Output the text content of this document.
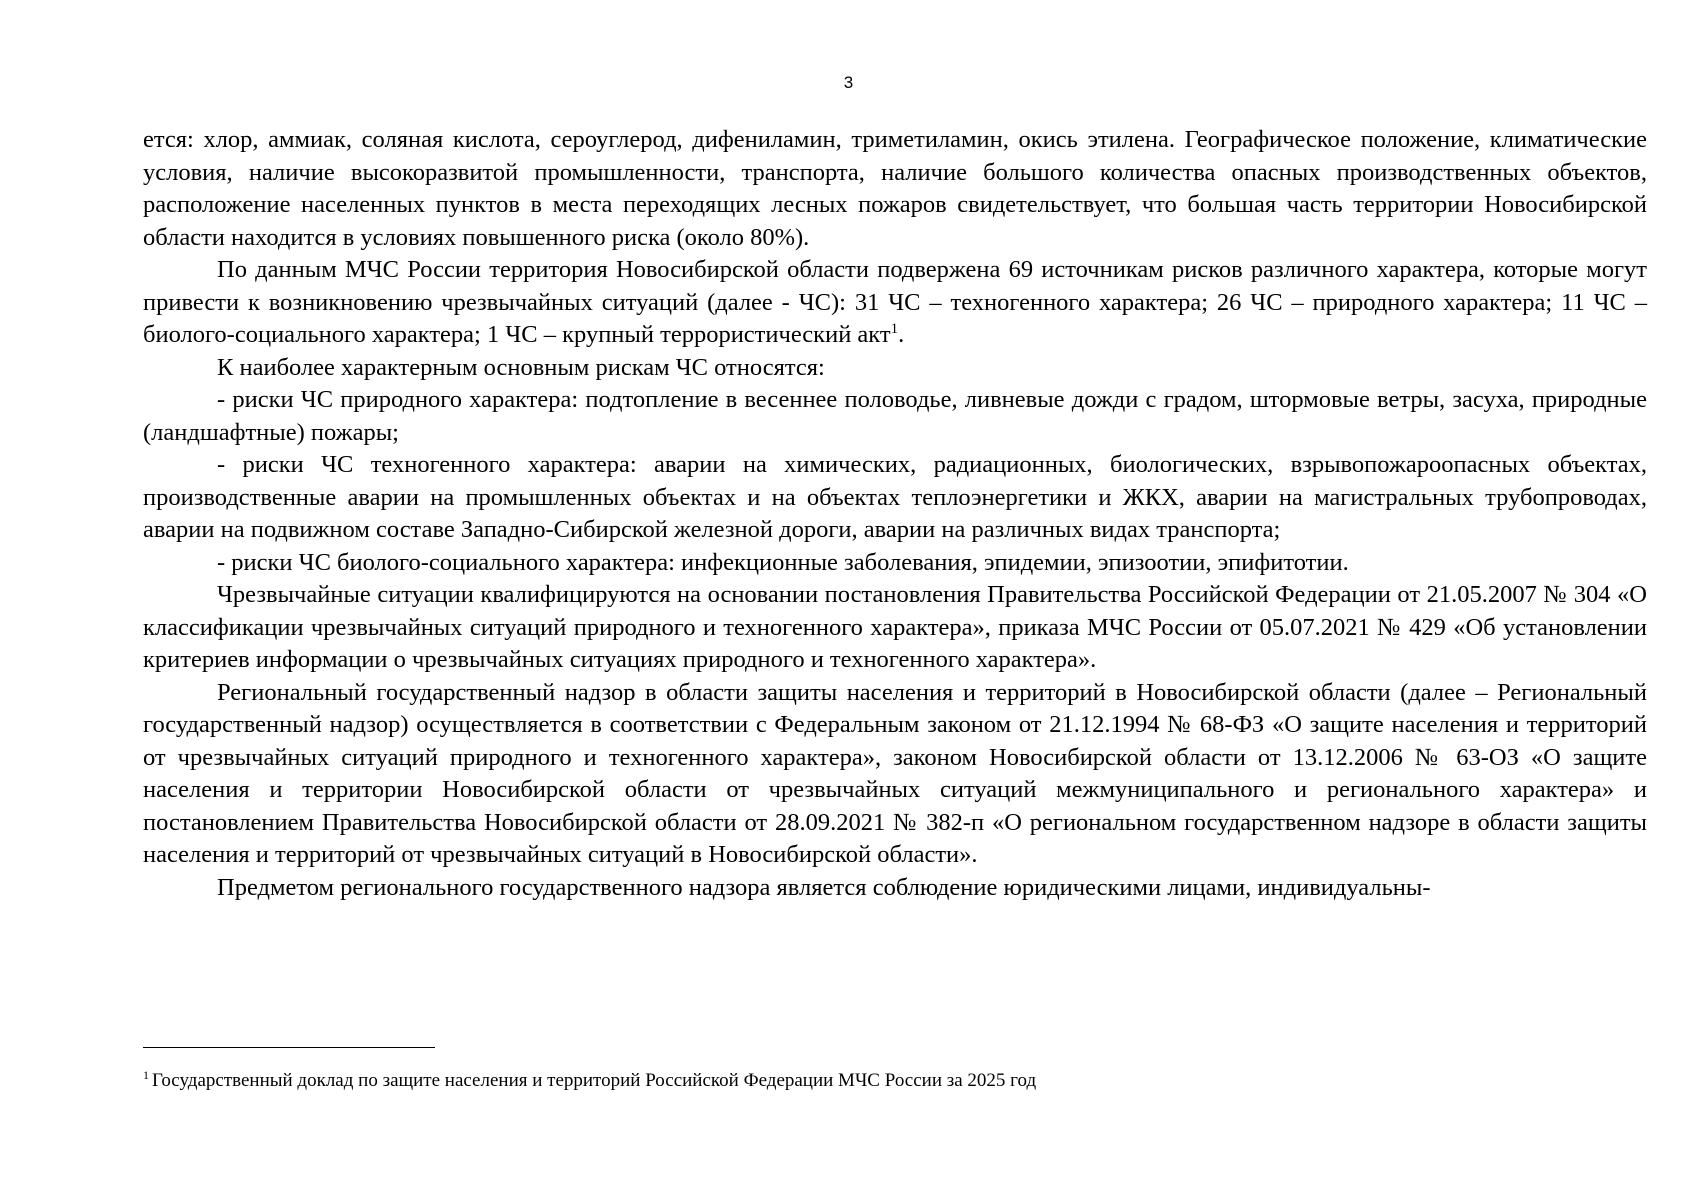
3

ется: хлор, аммиак, соляная кислота, сероуглерод, дифениламин, триметиламин, окись этилена. Географическое положение, климатические условия, наличие высокоразвитой промышленности, транспорта, наличие большого количества опасных производственных объектов, расположение населенных пунктов в места переходящих лесных пожаров свидетельствует, что большая часть территории Новосибирской области находится в условиях повышенного риска (около 80%).

По данным МЧС России территория Новосибирской области подвержена 69 источникам рисков различного характера, которые могут привести к возникновению чрезвычайных ситуаций (далее - ЧС): 31 ЧС – техногенного характера; 26 ЧС – природного характера; 11 ЧС – биолого-социального характера; 1 ЧС – крупный террористический акт$^1$.

К наиболее характерным основным рискам ЧС относятся:

- риски ЧС природного характера: подтопление в весеннее половодье, ливневые дожди с градом, штормовые ветры, засуха, природные (ландшафтные) пожары;

- риски ЧС техногенного характера: аварии на химических, радиационных, биологических, взрывопожароопасных объектах, производственные аварии на промышленных объектах и на объектах теплоэнергетики и ЖКХ, аварии на магистральных трубопроводах, аварии на подвижном составе Западно-Сибирской железной дороги, аварии на различных видах транспорта;

- риски ЧС биолого-социального характера: инфекционные заболевания, эпидемии, эпизоотии, эпифитотии.

Чрезвычайные ситуации квалифицируются на основании постановления Правительства Российской Федерации от 21.05.2007 № 304 «О классификации чрезвычайных ситуаций природного и техногенного характера», приказа МЧС России от 05.07.2021 № 429 «Об установлении критериев информации о чрезвычайных ситуациях природного и техногенного характера».

Региональный государственный надзор в области защиты населения и территорий в Новосибирской области (далее – Региональный государственный надзор) осуществляется в соответствии с Федеральным законом от 21.12.1994 № 68-ФЗ «О защите населения и территорий от чрезвычайных ситуаций природного и техногенного характера», законом Новосибирской области от 13.12.2006 № 63-ОЗ «О защите населения и территории Новосибирской области от чрезвычайных ситуаций межмуниципального и регионального характера» и постановлением Правительства Новосибирской области от 28.09.2021 № 382-п «О региональном государственном надзоре в области защиты населения и территорий от чрезвычайных ситуаций в Новосибирской области».

Предметом регионального государственного надзора является соблюдение юридическими лицами, индивидуальны-

$^1$ Государственный доклад по защите населения и территорий Российской Федерации МЧС России за 2025 год
